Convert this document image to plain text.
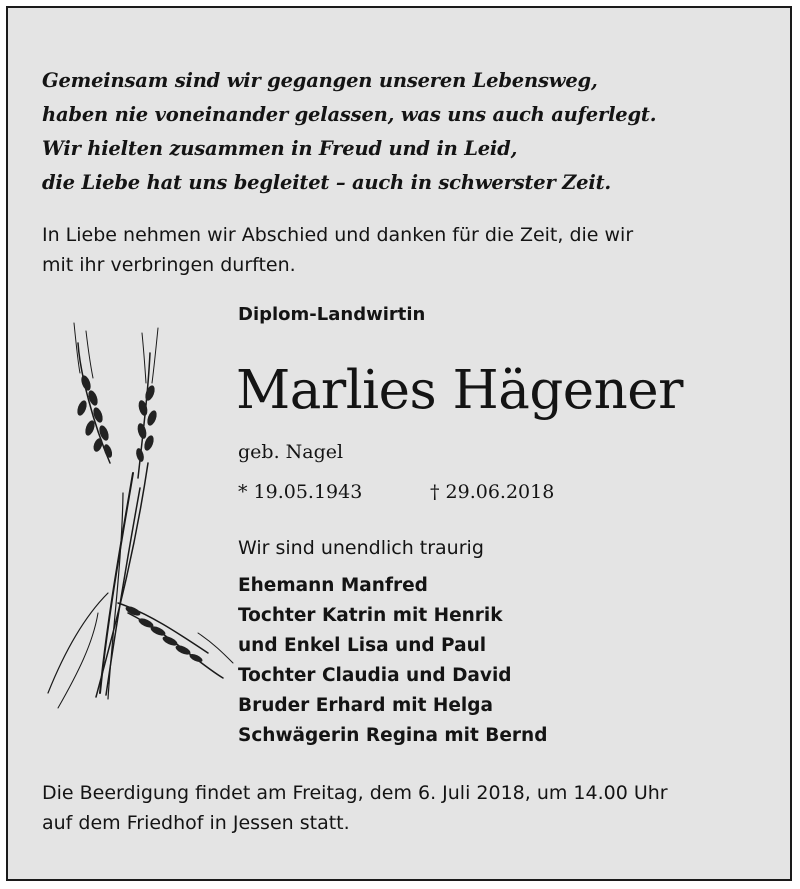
Gemeinsam sind wir gegangen unseren Lebensweg,
haben nie voneinander gelassen, was uns auch auferlegt.
Wir hielten zusammen in Freud und in Leid,
die Liebe hat uns begleitet – auch in schwerster Zeit.
In Liebe nehmen wir Abschied und danken für die Zeit, die wir
mit ihr verbringen durften.
Diplom-Landwirtin
Marlies Hägener
geb. Nagel
* 19.05.1943	† 29.06.2018
Wir sind unendlich traurig
Ehemann Manfred
Tochter Katrin mit Henrik
und Enkel Lisa und Paul
Tochter Claudia und David
Bruder Erhard mit Helga
Schwägerin Regina mit Bernd
Die Beerdigung findet am Freitag, dem 6. Juli 2018, um 14.00 Uhr
auf dem Friedhof in Jessen statt.
